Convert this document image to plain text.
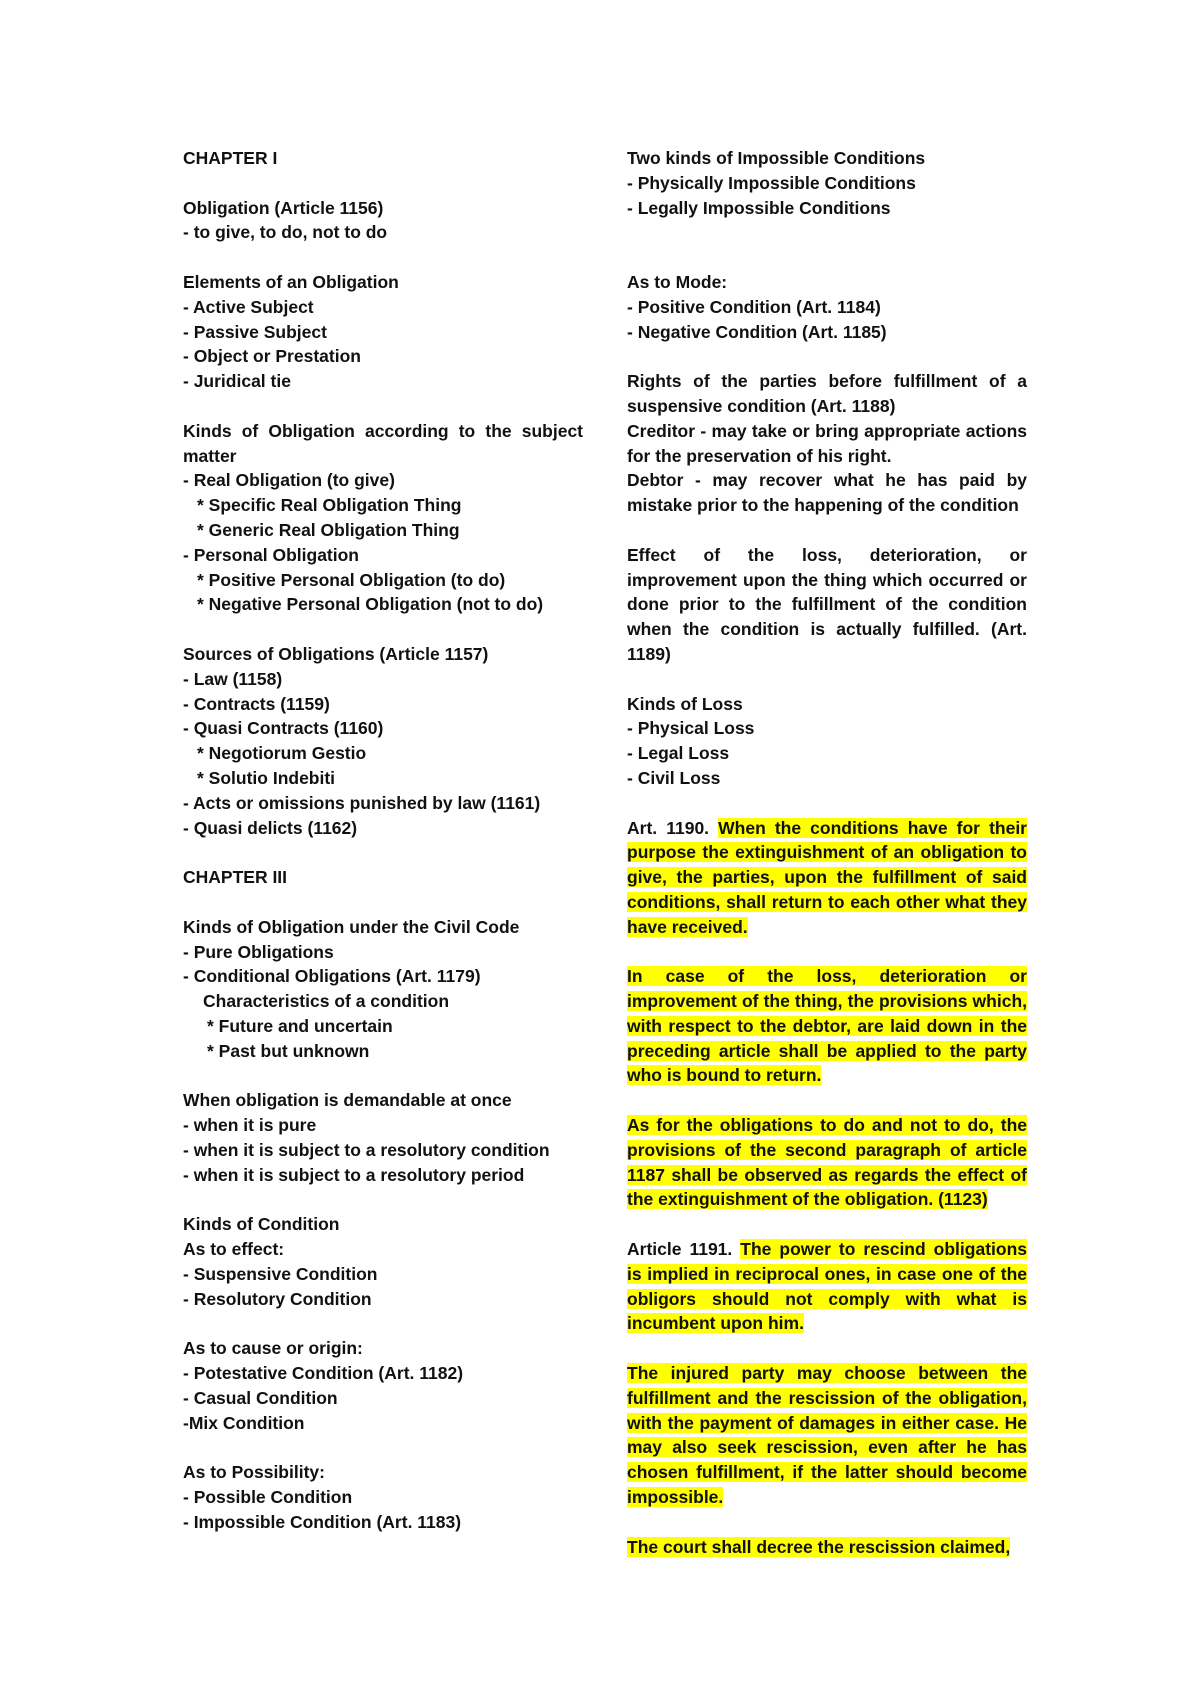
CHAPTER I
Obligation (Article 1156)
- to give, to do, not to do
Elements of an Obligation
- Active Subject
- Passive Subject
- Object or Prestation
- Juridical tie
Kinds of Obligation according to the subject
matter
- Real Obligation (to give)
* Specific Real Obligation Thing
* Generic Real Obligation Thing
- Personal Obligation
* Positive Personal Obligation (to do)
* Negative Personal Obligation (not to do)
Sources of Obligations (Article 1157)
- Law (1158)
- Contracts (1159)
- Quasi Contracts (1160)
* Negotiorum Gestio
* Solutio Indebiti
- Acts or omissions punished by law (1161)
- Quasi delicts (1162)
CHAPTER III
Kinds of Obligation under the Civil Code
- Pure Obligations
- Conditional Obligations (Art. 1179)
Characteristics of a condition
* Future and uncertain
* Past but unknown
When obligation is demandable at once
- when it is pure
- when it is subject to a resolutory condition
- when it is subject to a resolutory period
Kinds of Condition
As to effect:
- Suspensive Condition
- Resolutory Condition
As to cause or origin:
- Potestative Condition (Art. 1182)
- Casual Condition
-Mix Condition
As to Possibility:
- Possible Condition
- Impossible Condition (Art. 1183)
Two kinds of Impossible Conditions
- Physically Impossible Conditions
- Legally Impossible Conditions
As to Mode:
- Positive Condition (Art. 1184)
- Negative Condition (Art. 1185)
Rights of the parties before fulfillment of a
suspensive condition (Art. 1188)
Creditor - may take or bring appropriate actions
for the preservation of his right.
Debtor - may recover what he has paid by
mistake prior to the happening of the condition
Effect of the loss, deterioration, or
improvement upon the thing which occurred or
done prior to the fulfillment of the condition
when the condition is actually fulfilled. (Art.
1189)
Kinds of Loss
- Physical Loss
- Legal Loss
- Civil Loss

Art. 1190. When the conditions have for their purpose the extinguishment of an obligation to give, the parties, upon the fulfillment of said conditions, shall return to each other what they have received.

In case of the loss, deterioration or improvement of the thing, the provisions which, with respect to the debtor, are laid down in the preceding article shall be applied to the party who is bound to return.

As for the obligations to do and not to do, the provisions of the second paragraph of article 1187 shall be observed as regards the effect of the extinguishment of the obligation. (1123)

Article 1191. The power to rescind obligations is implied in reciprocal ones, in case one of the obligors should not comply with what is incumbent upon him.

The injured party may choose between the fulfillment and the rescission of the obligation, with the payment of damages in either case. He may also seek rescission, even after he has chosen fulfillment, if the latter should become impossible.

The court shall decree the rescission claimed,
